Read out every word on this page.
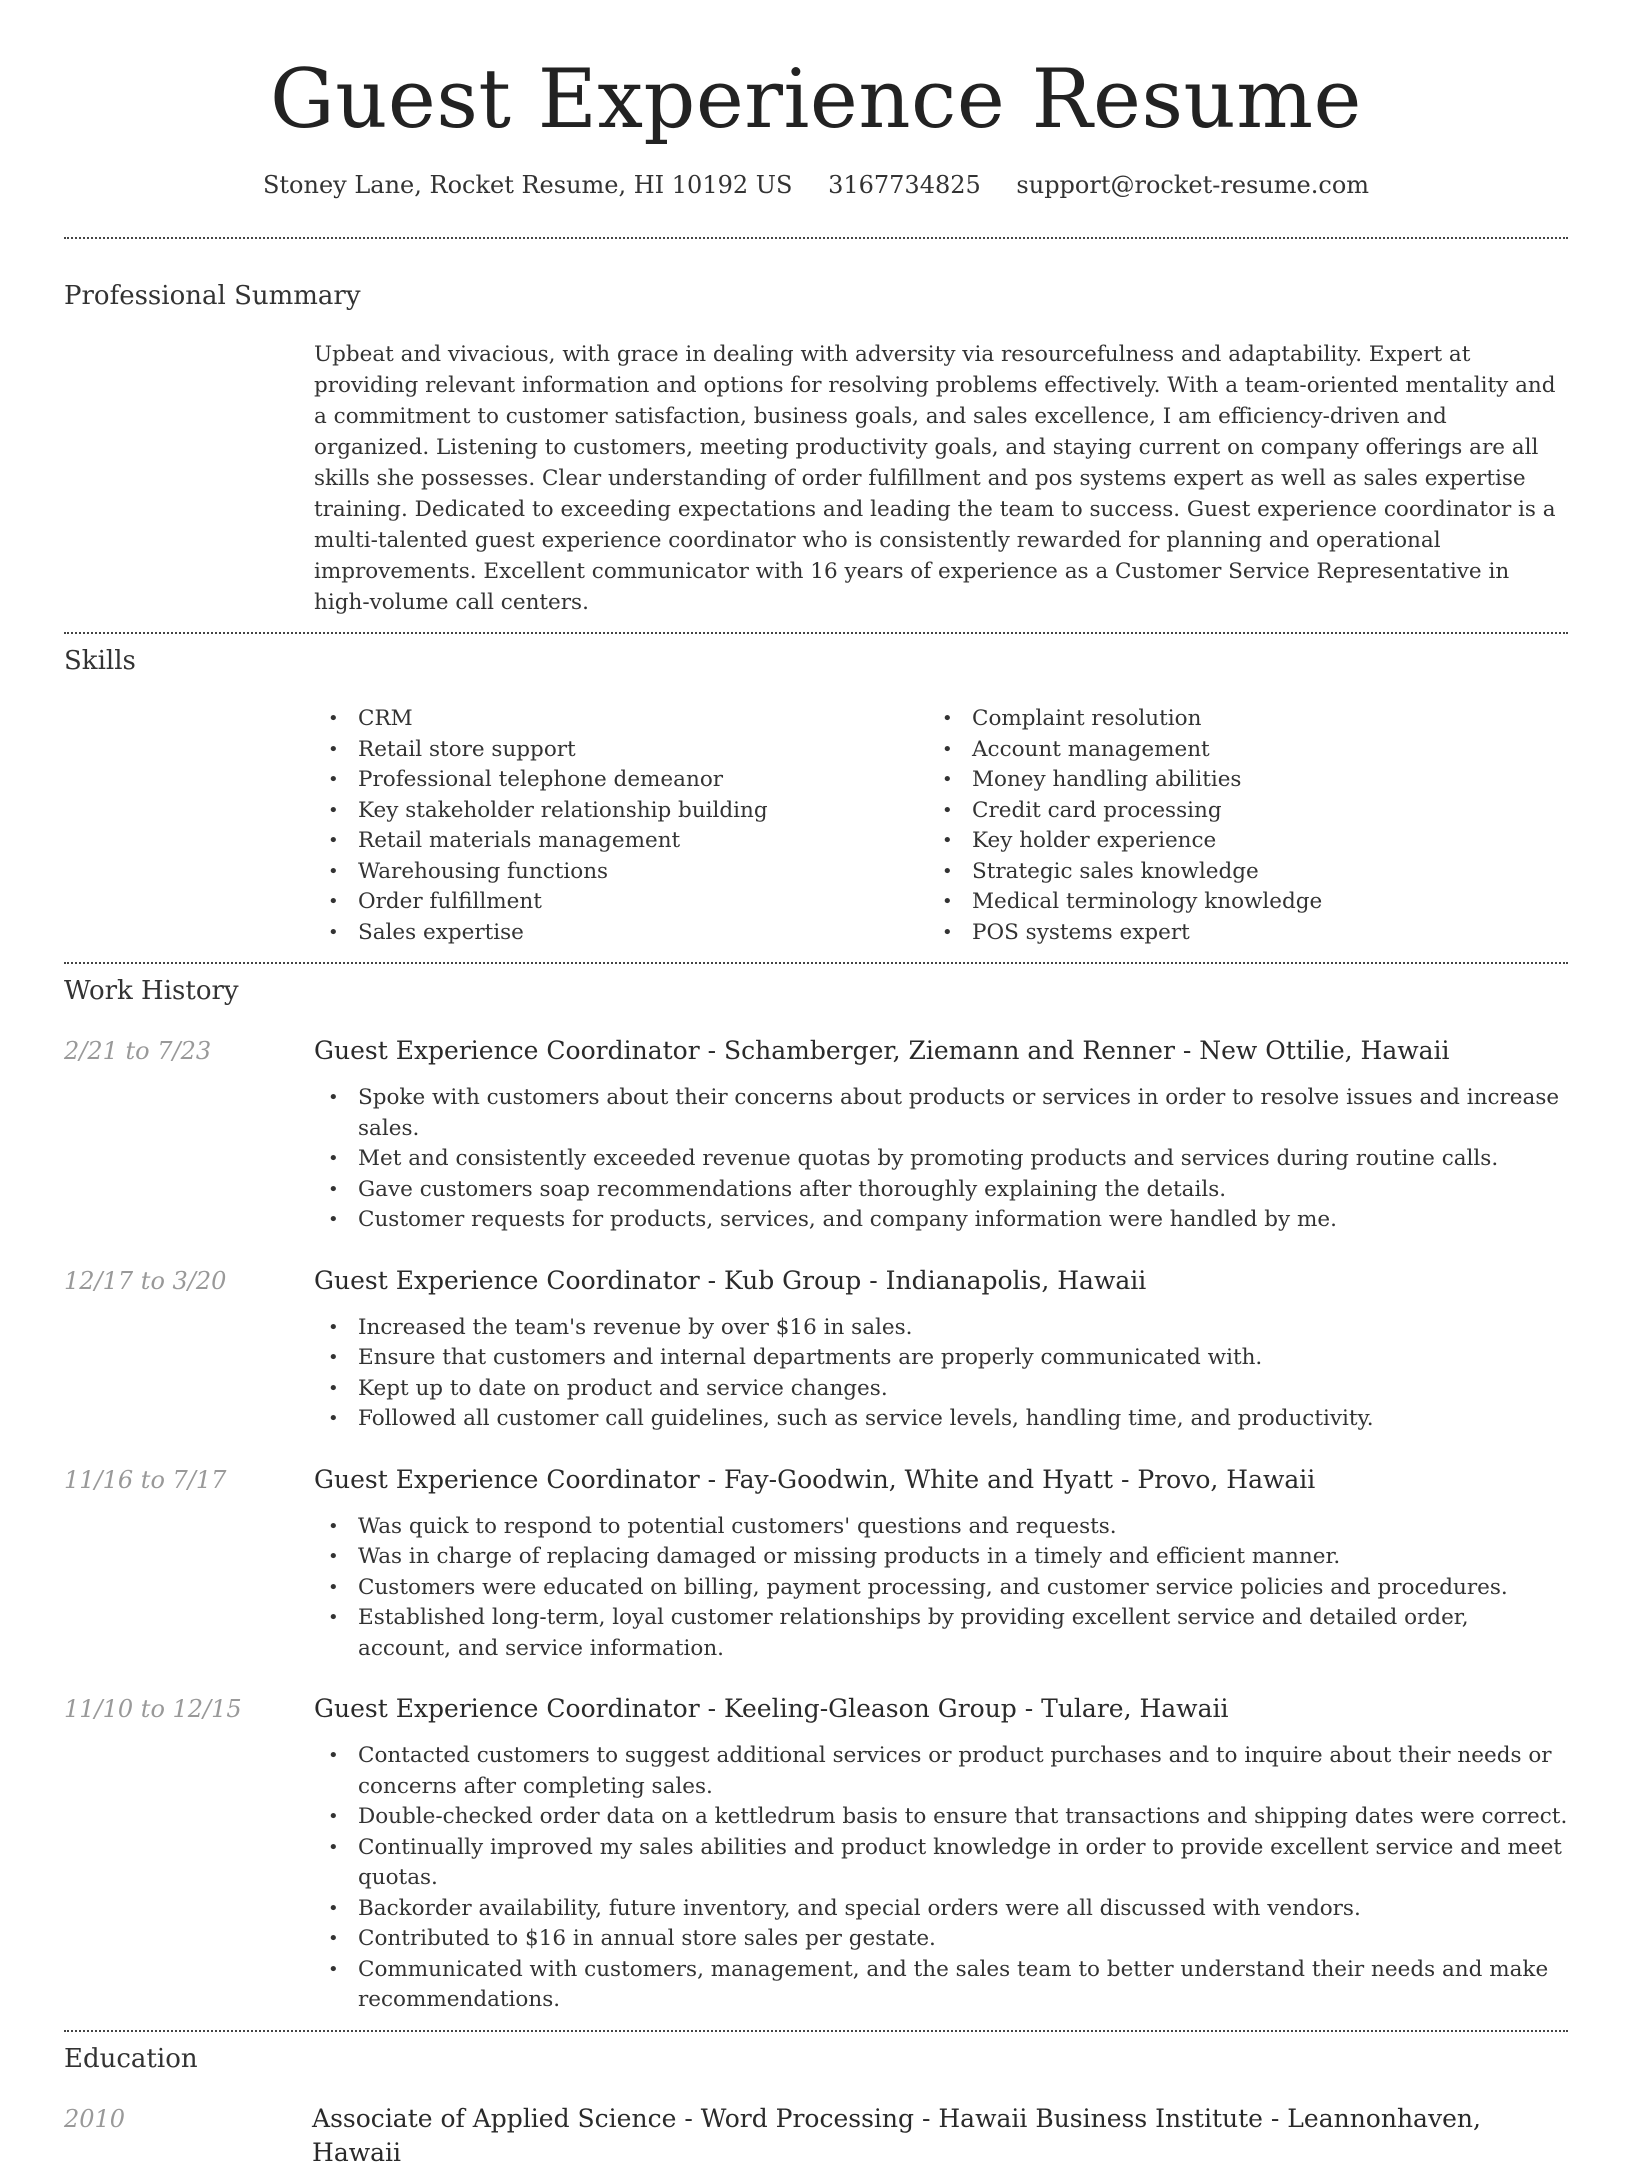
Guest Experience Resume
Stoney Lane, Rocket Resume, HI 10192 US 3167734825 support@rocket-resume.com
Professional Summary

Upbeat and vivacious, with grace in dealing with adversity via resourcefulness and adaptability. Expert at providing relevant information and options for resolving problems effectively. With a team-oriented mentality and a commitment to customer satisfaction, business goals, and sales excellence, I am efficiency-driven and organized. Listening to customers, meeting productivity goals, and staying current on company offerings are all skills she possesses. Clear understanding of order fulfillment and pos systems expert as well as sales expertise training. Dedicated to exceeding expectations and leading the team to success. Guest experience coordinator is a multi-talented guest experience coordinator who is consistently rewarded for planning and operational improvements. Excellent communicator with 16 years of experience as a Customer Service Representative in high-volume call centers.

Skills
• CRM
• Retail store support
• Professional telephone demeanor
• Key stakeholder relationship building
• Retail materials management
• Warehousing functions
• Order fulfillment
• Sales expertise
• Complaint resolution
• Account management
• Money handling abilities
• Credit card processing
• Key holder experience
• Strategic sales knowledge
• Medical terminology knowledge
• POS systems expert
Work History
2/21 to 7/23	Guest Experience Coordinator - Schamberger, Ziemann and Renner - New Ottilie, Hawaii
• Spoke with customers about their concerns about products or services in order to resolve issues and increase sales.
• Met and consistently exceeded revenue quotas by promoting products and services during routine calls.
• Gave customers soap recommendations after thoroughly explaining the details.
• Customer requests for products, services, and company information were handled by me.
12/17 to 3/20	Guest Experience Coordinator - Kub Group - Indianapolis, Hawaii
• Increased the team's revenue by over $16 in sales.
• Ensure that customers and internal departments are properly communicated with.
• Kept up to date on product and service changes.
• Followed all customer call guidelines, such as service levels, handling time, and productivity.
11/16 to 7/17	Guest Experience Coordinator - Fay-Goodwin, White and Hyatt - Provo, Hawaii
• Was quick to respond to potential customers' questions and requests.
• Was in charge of replacing damaged or missing products in a timely and efficient manner.
• Customers were educated on billing, payment processing, and customer service policies and procedures.
• Established long-term, loyal customer relationships by providing excellent service and detailed order, account, and service information.
11/10 to 12/15	Guest Experience Coordinator - Keeling-Gleason Group - Tulare, Hawaii
• Contacted customers to suggest additional services or product purchases and to inquire about their needs or concerns after completing sales.
• Double-checked order data on a kettledrum basis to ensure that transactions and shipping dates were correct.
• Continually improved my sales abilities and product knowledge in order to provide excellent service and meet quotas.
• Backorder availability, future inventory, and special orders were all discussed with vendors.
• Contributed to $16 in annual store sales per gestate.
• Communicated with customers, management, and the sales team to better understand their needs and make recommendations.
Education
2010	Associate of Applied Science - Word Processing - Hawaii Business Institute - Leannonhaven, Hawaii
